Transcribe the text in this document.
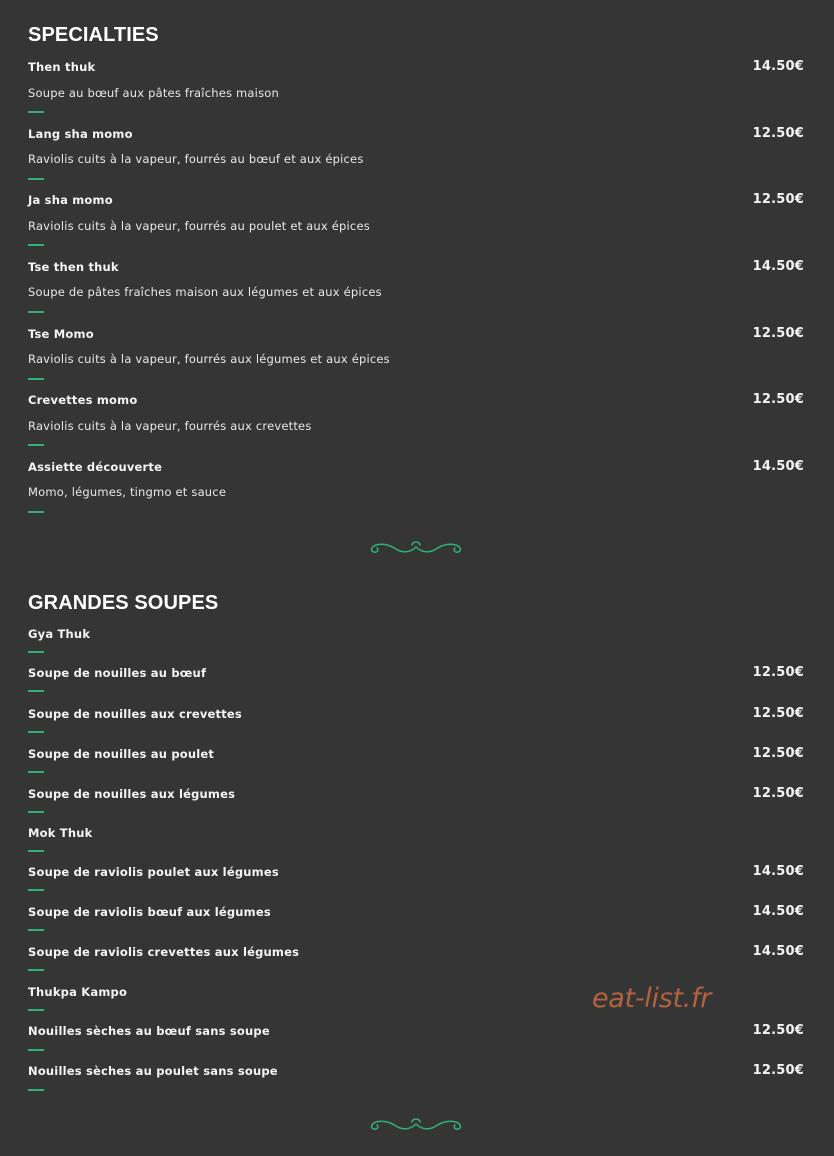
SPECIALTIES
Then thuk	14.50€
Soupe au bœuf aux pâtes fraîches maison
Lang sha momo	12.50€
Raviolis cuits à la vapeur, fourrés au bœuf et aux épices
Ja sha momo	12.50€
Raviolis cuits à la vapeur, fourrés au poulet et aux épices
Tse then thuk	14.50€
Soupe de pâtes fraîches maison aux légumes et aux épices
Tse Momo	12.50€
Raviolis cuits à la vapeur, fourrés aux légumes et aux épices
Crevettes momo	12.50€
Raviolis cuits à la vapeur, fourrés aux crevettes
Assiette découverte	14.50€
Momo, légumes, tingmo et sauce
GRANDES SOUPES
Gya Thuk
Soupe de nouilles au bœuf	12.50€
Soupe de nouilles aux crevettes	12.50€
Soupe de nouilles au poulet	12.50€
Soupe de nouilles aux légumes	12.50€
Mok Thuk
Soupe de raviolis poulet aux légumes	14.50€
Soupe de raviolis bœuf aux légumes	14.50€
Soupe de raviolis crevettes aux légumes	14.50€
Thukpa Kampo
Nouilles sèches au bœuf sans soupe	12.50€
Nouilles sèches au poulet sans soupe	12.50€
eat-list.fr
